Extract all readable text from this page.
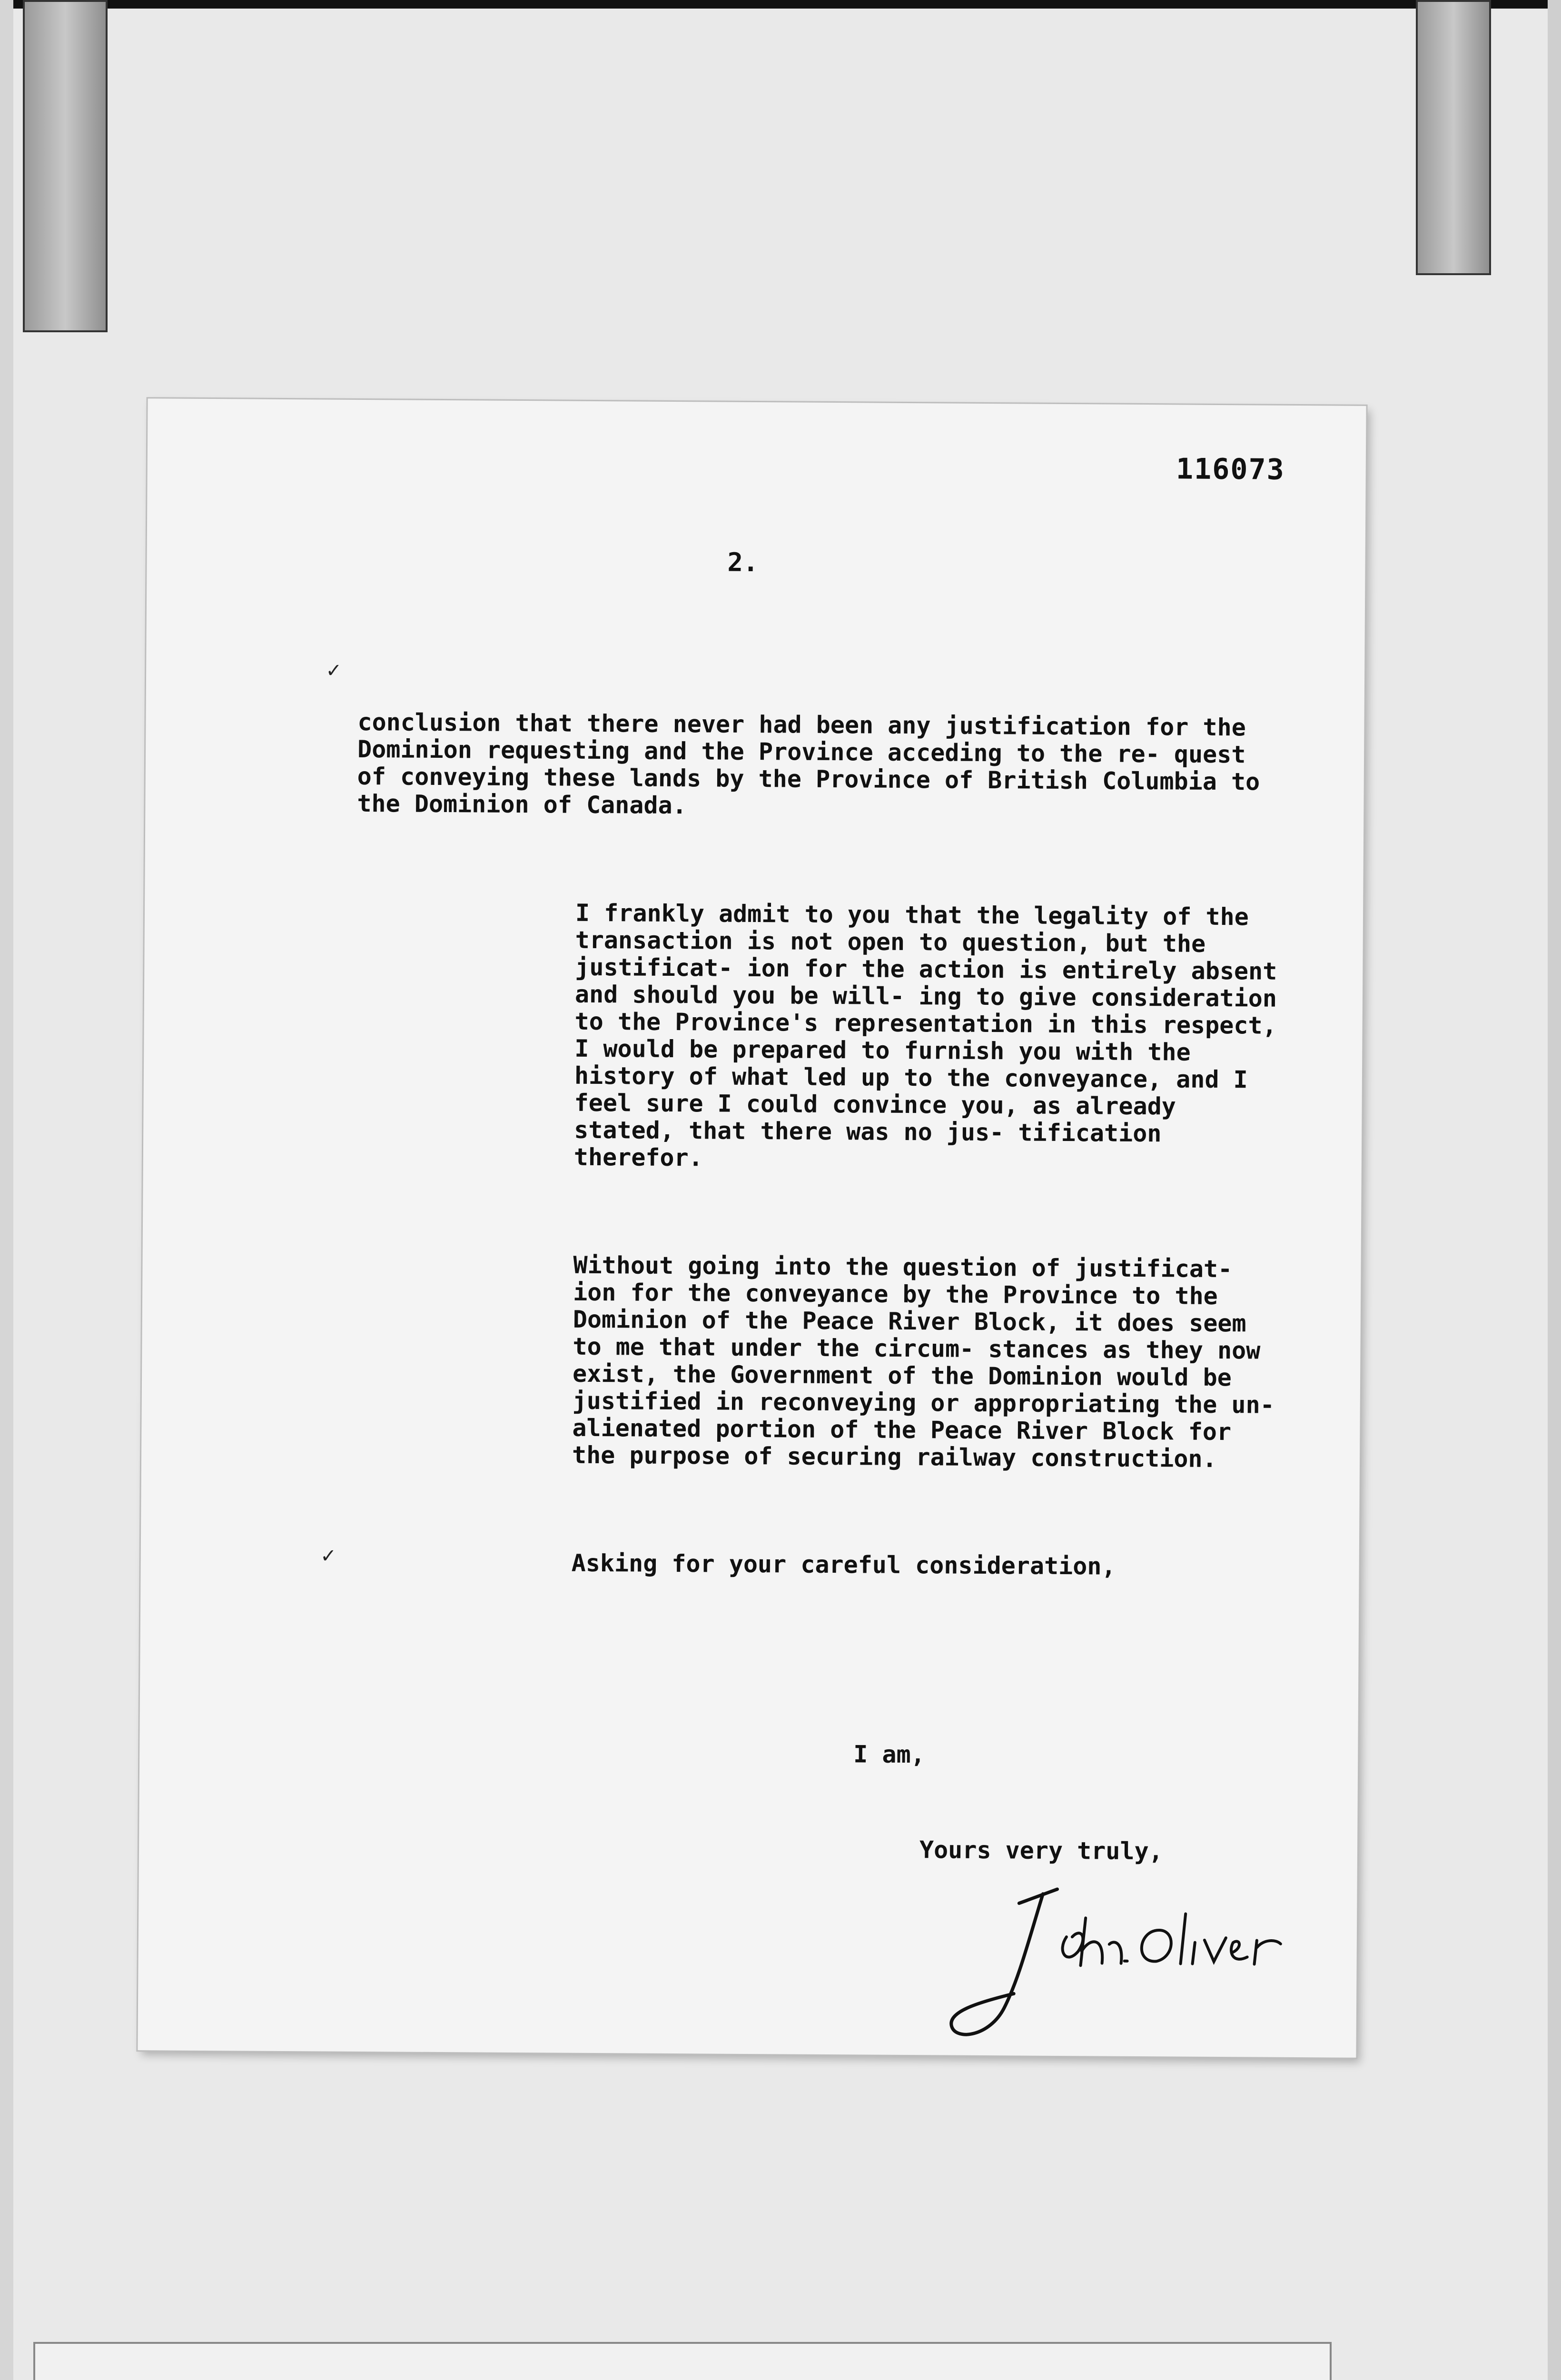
116073
2.
✓
✓

conclusion that there never had been any justification for the Dominion requesting and the Province acceding to the re- quest of conveying these lands by the Province of British Columbia to the Dominion of Canada.

I frankly admit to you that the legality of the transaction is not open to question, but the justificat- ion for the action is entirely absent and should you be will- ing to give consideration to the Province's representation in this respect, I would be prepared to furnish you with the history of what led up to the conveyance, and I feel sure I could convince you, as already stated, that there was no jus- tification therefor.

Without going into the question of justificat- ion for the conveyance by the Province to the Dominion of the Peace River Block, it does seem to me that under the circum- stances as they now exist, the Government of the Dominion would be justified in reconveying or appropriating the un- alienated portion of the Peace River Block for the purpose of securing railway construction.

Asking for your careful consideration,

I am,
Yours very truly,
